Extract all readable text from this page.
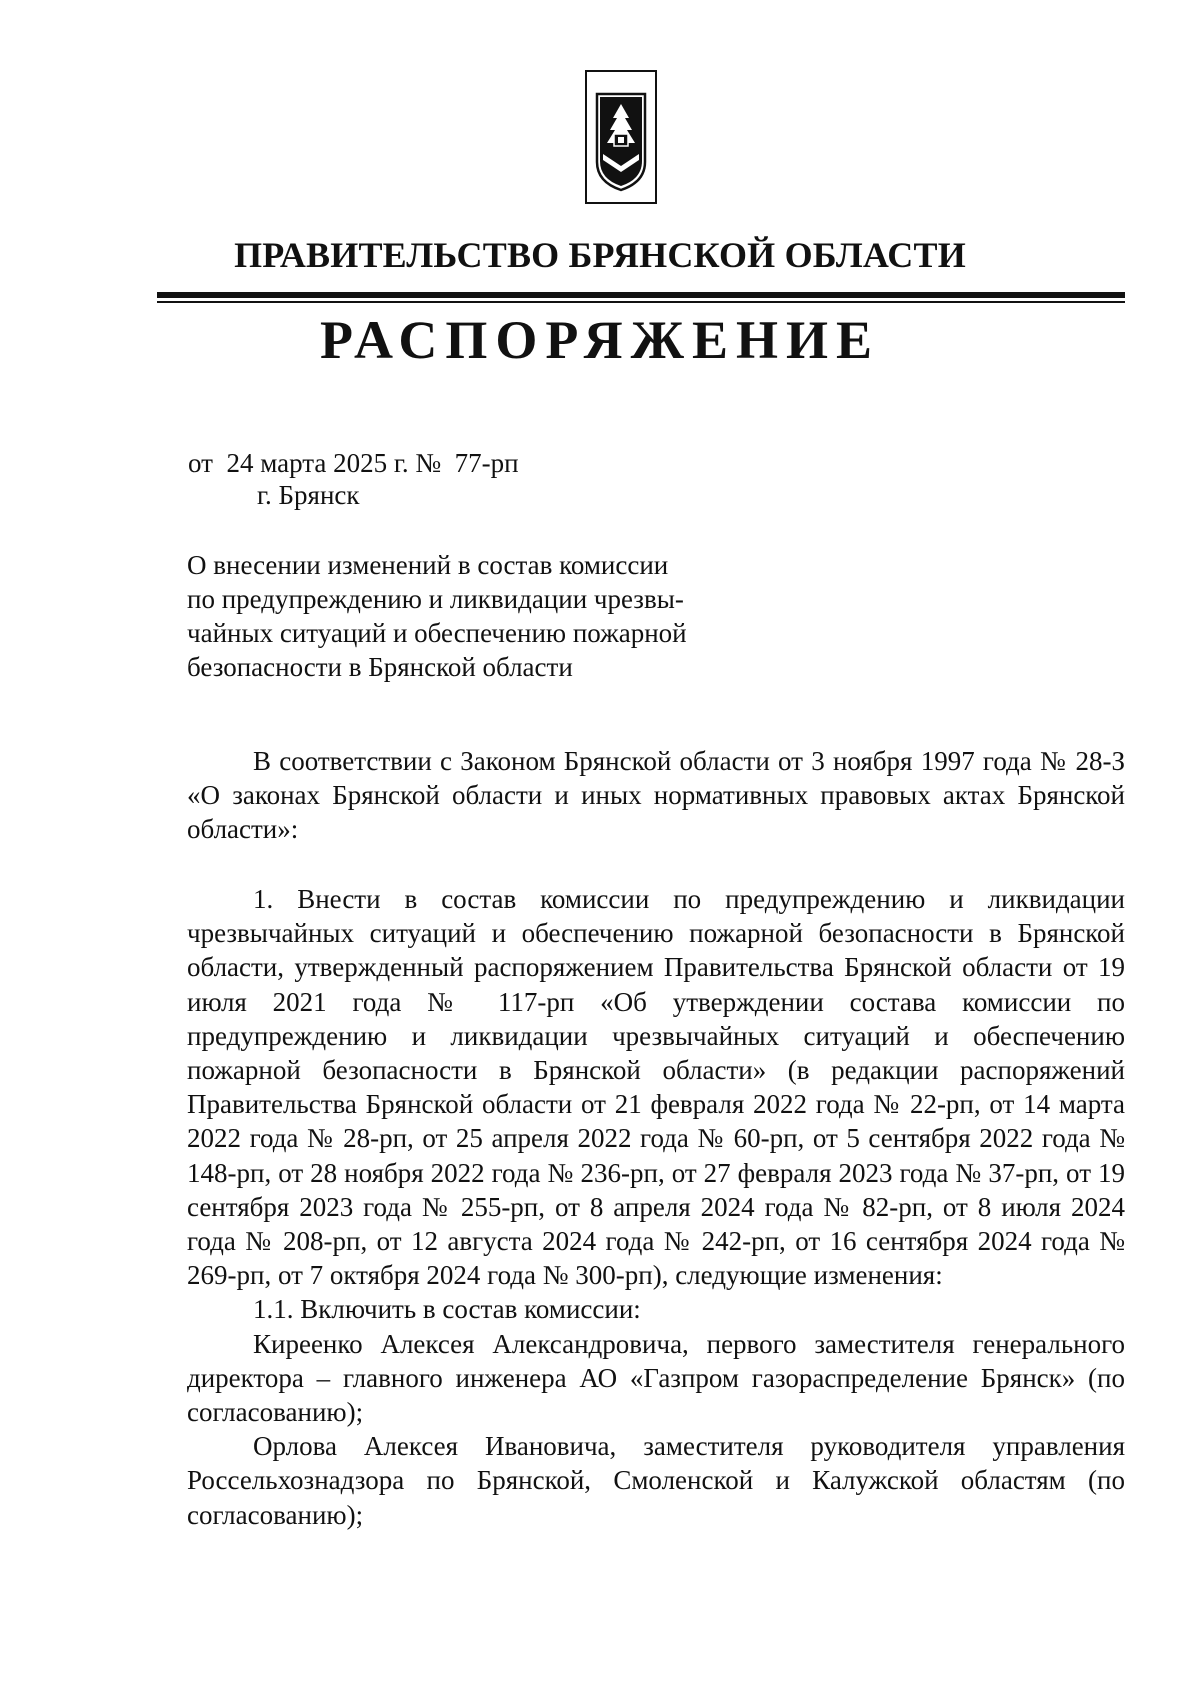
ПРАВИТЕЛЬСТВО БРЯНСКОЙ ОБЛАСТИ
РАСПОРЯЖЕНИЕ
от  24 марта 2025 г. №  77-рп
г. Брянск
О внесении изменений в состав комиссии
по предупреждению и ликвидации чрезвы-
чайных ситуаций и обеспечению пожарной
безопасности в Брянской области

В соответствии с Законом Брянской области от 3 ноября 1997 года № 28-З «О законах Брянской области и иных нормативных правовых актах Брянской области»:

1. Внести в состав комиссии по предупреждению и ликвидации чрезвычайных ситуаций и обеспечению пожарной безопасности в Брянской области, утвержденный распоряжением Правительства Брянской области от 19 июля 2021 года № 117-рп «Об утверждении состава комиссии по предупреждению и ликвидации чрезвычайных ситуаций и обеспечению пожарной безопасности в Брянской области» (в редакции распоряжений Правительства Брянской области от 21 февраля 2022 года № 22-рп, от 14 марта 2022 года № 28-рп, от 25 апреля 2022 года № 60-рп, от 5 сентября 2022 года № 148-рп, от 28 ноября 2022 года № 236-рп, от 27 февраля 2023 года № 37-рп, от 19 сентября 2023 года № 255-рп, от 8 апреля 2024 года № 82-рп, от 8 июля 2024 года № 208-рп, от 12 августа 2024 года № 242-рп, от 16 сентября 2024 года № 269-рп, от 7 октября 2024 года № 300-рп), следующие изменения:

1.1. Включить в состав комиссии:

Киреенко Алексея Александровича, первого заместителя генерального директора – главного инженера АО «Газпром газораспределение Брянск» (по согласованию);

Орлова Алексея Ивановича, заместителя руководителя управления Россельхознадзора по Брянской, Смоленской и Калужской областям (по согласованию);
